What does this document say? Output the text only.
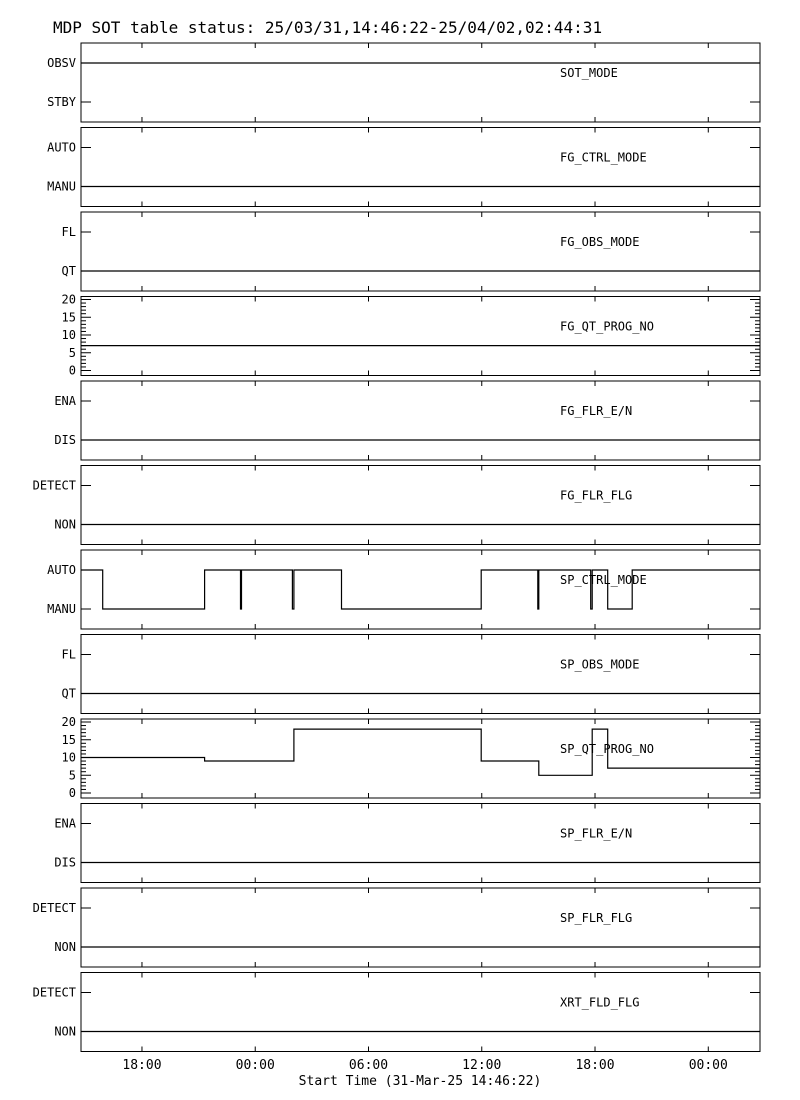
MDP SOT table status: 25/03/31,14:46:22-25/04/02,02:44:31
OBSV
STBY
SOT_MODE
AUTO
MANU
FG_CTRL_MODE
FL
QT
FG_OBS_MODE
20
15
10
5
0
FG_QT_PROG_NO
ENA
DIS
FG_FLR_E/N
DETECT
NON
FG_FLR_FLG
AUTO
MANU
SP_CTRL_MODE
FL
QT
SP_OBS_MODE
20
15
10
5
0
SP_QT_PROG_NO
ENA
DIS
SP_FLR_E/N
DETECT
NON
SP_FLR_FLG
DETECT
NON
XRT_FLD_FLG
18:00	00:00	06:00	12:00	18:00	00:00
Start Time (31-Mar-25 14:46:22)
